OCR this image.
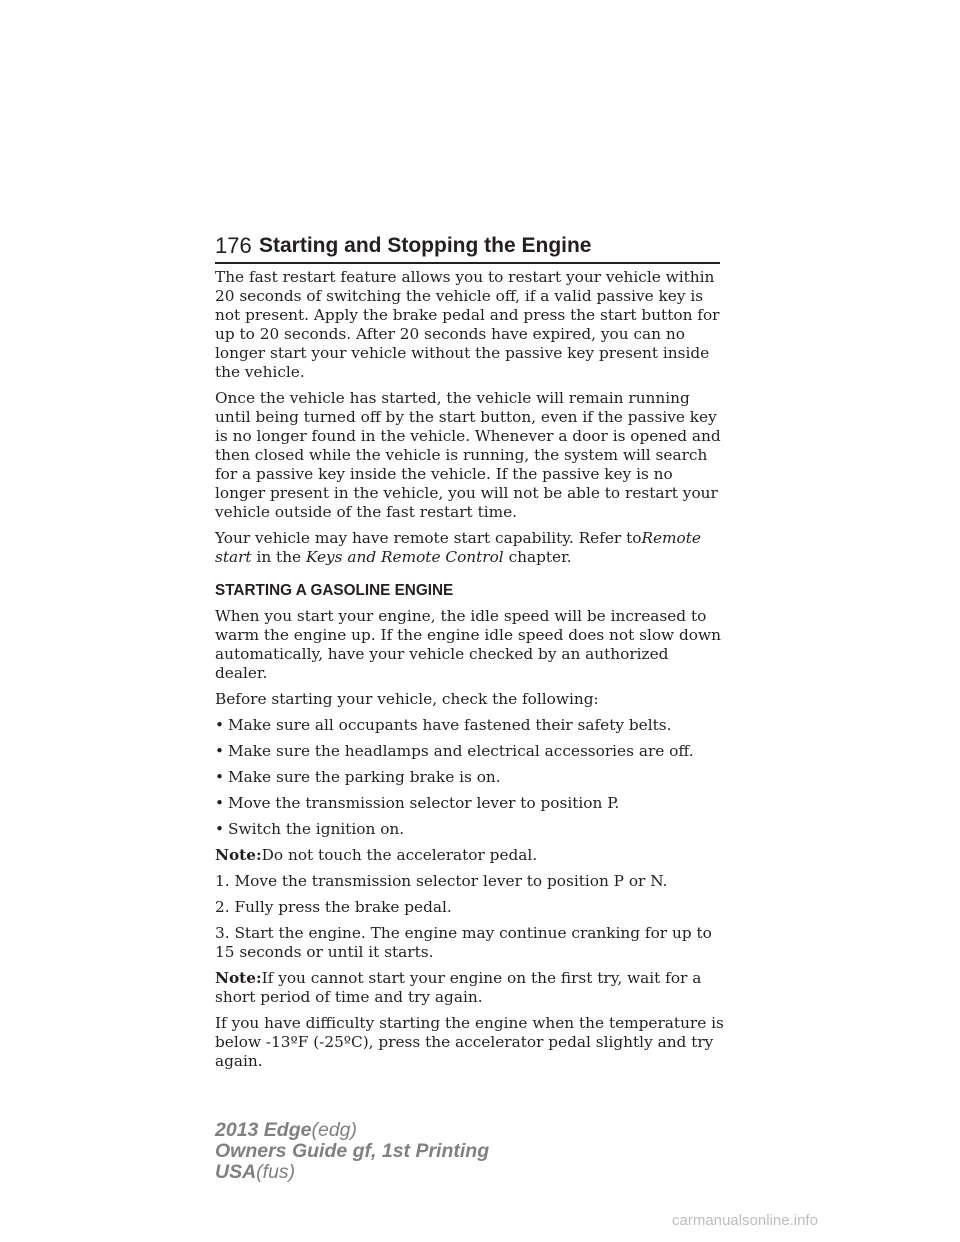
176 Starting and Stopping the Engine

The fast restart feature allows you to restart your vehicle within 20 seconds of switching the vehicle off, if a valid passive key is not present. Apply the brake pedal and press the start button for up to 20 seconds. After 20 seconds have expired, you can no longer start your vehicle without the passive key present inside the vehicle.

Once the vehicle has started, the vehicle will remain running until being turned off by the start button, even if the passive key is no longer found in the vehicle. Whenever a door is opened and then closed while the vehicle is running, the system will search for a passive key inside the vehicle. If the passive key is no longer present in the vehicle, you will not be able to restart your vehicle outside of the fast restart time.

Your vehicle may have remote start capability. Refer toRemote start in the Keys and Remote Control chapter.

STARTING A GASOLINE ENGINE

When you start your engine, the idle speed will be increased to warm the engine up. If the engine idle speed does not slow down automatically, have your vehicle checked by an authorized dealer.

Before starting your vehicle, check the following:

• Make sure all occupants have fastened their safety belts.
• Make sure the headlamps and electrical accessories are off.
• Make sure the parking brake is on.
• Move the transmission selector lever to position P.
• Switch the ignition on.

Note:Do not touch the accelerator pedal.

1. Move the transmission selector lever to position P or N.

2. Fully press the brake pedal.

3. Start the engine. The engine may continue cranking for up to 15 seconds or until it starts.

Note:If you cannot start your engine on the first try, wait for a short period of time and try again.

If you have difficulty starting the engine when the temperature is below -13ºF (-25ºC), press the accelerator pedal slightly and try again.

2013 Edge(edg)
Owners Guide gf, 1st Printing
USA(fus)
carmanualsonline.info
